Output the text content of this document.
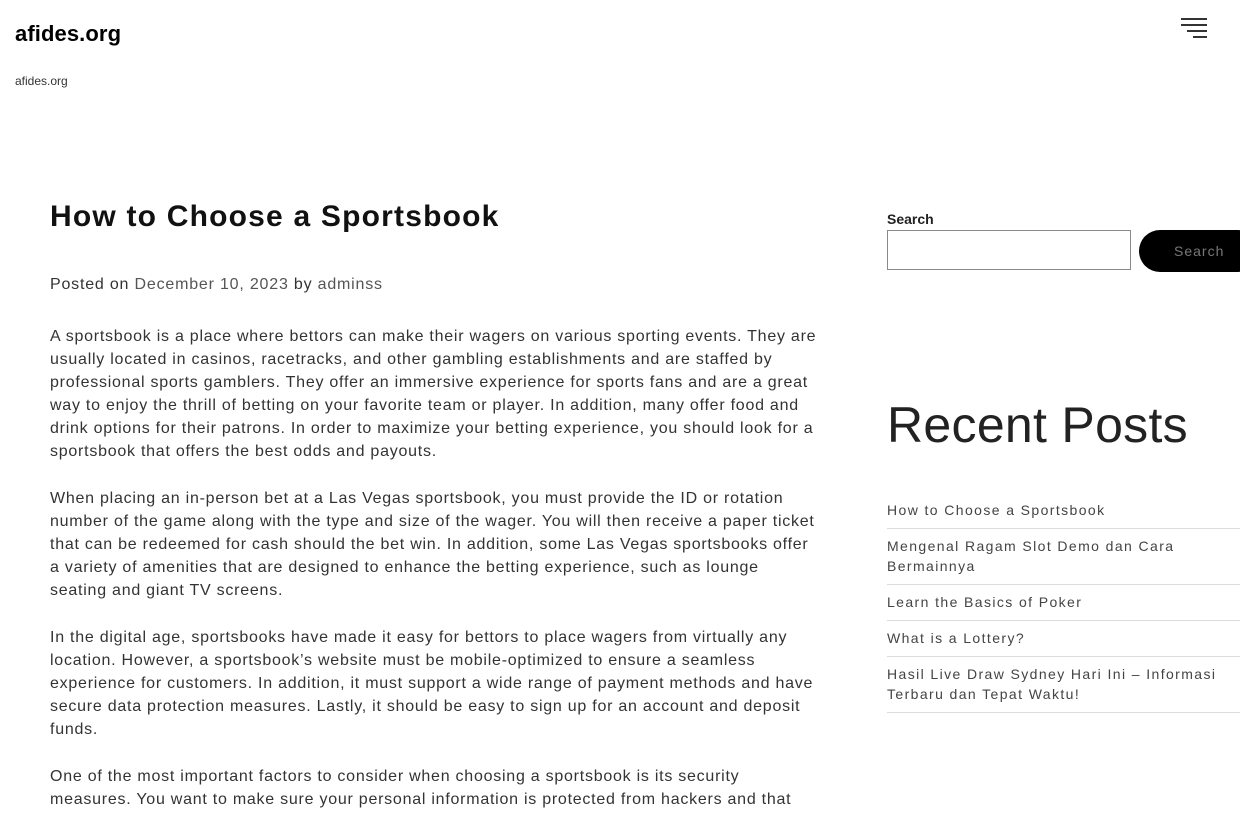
afides.org
afides.org
How to Choose a Sportsbook
Posted on December 10, 2023 by adminss

A sportsbook is a place where bettors can make their wagers on various sporting events. They are usually located in casinos, racetracks, and other gambling establishments and are staffed by professional sports gamblers. They offer an immersive experience for sports fans and are a great way to enjoy the thrill of betting on your favorite team or player. In addition, many offer food and drink options for their patrons. In order to maximize your betting experience, you should look for a sportsbook that offers the best odds and payouts.

When placing an in-person bet at a Las Vegas sportsbook, you must provide the ID or rotation number of the game along with the type and size of the wager. You will then receive a paper ticket that can be redeemed for cash should the bet win. In addition, some Las Vegas sportsbooks offer a variety of amenities that are designed to enhance the betting experience, such as lounge seating and giant TV screens.

In the digital age, sportsbooks have made it easy for bettors to place wagers from virtually any location. However, a sportsbook’s website must be mobile-optimized to ensure a seamless experience for customers. In addition, it must support a wide range of payment methods and have secure data protection measures. Lastly, it should be easy to sign up for an account and deposit funds.

One of the most important factors to consider when choosing a sportsbook is its security measures. You want to make sure your personal information is protected from hackers and that

Search
Search
Recent Posts
How to Choose a Sportsbook
Mengenal Ragam Slot Demo dan Cara Bermainnya
Learn the Basics of Poker
What is a Lottery?
Hasil Live Draw Sydney Hari Ini – Informasi Terbaru dan Tepat Waktu!
